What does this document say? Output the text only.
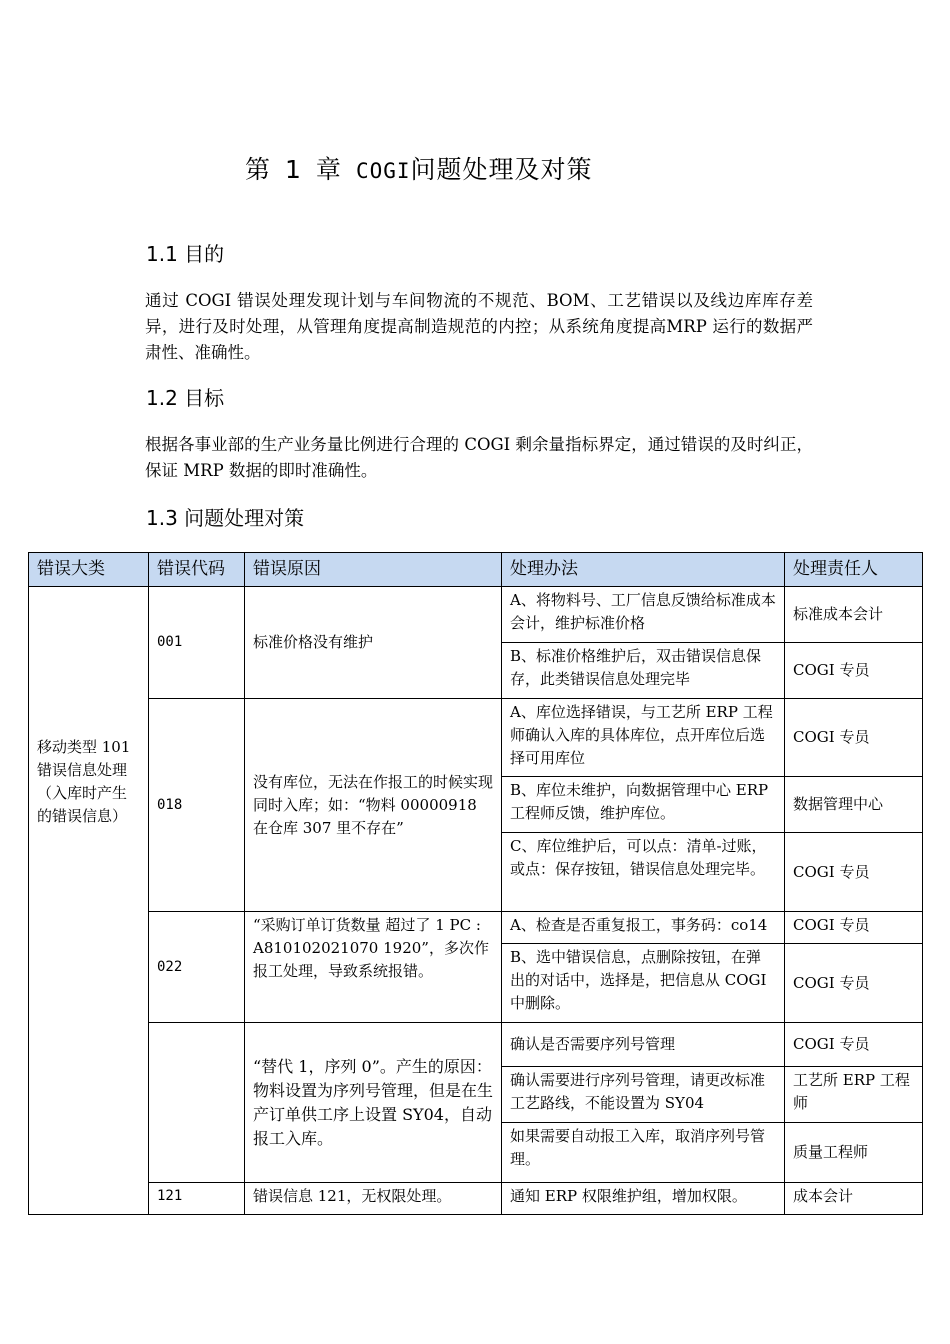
第 1 章 COGI问题处理及对策
1.1 目的

通过 COGI 错误处理发现计划与车间物流的不规范、BOM、工艺错误以及线边库库存差异，进行及时处理，从管理角度提高制造规范的内控；从系统角度提高MRP 运行的数据严肃性、准确性。

1.2 目标

根据各事业部的生产业务量比例进行合理的 COGI 剩余量指标界定，通过错误的及时纠正，保证 MRP 数据的即时准确性。

1.3 问题处理对策
错误大类	错误代码	错误原因	处理办法	处理责任人
移动类型 101 错误信息处理（入库时产生的错误信息）	001	标准价格没有维护	A、将物料号、工厂信息反馈给标准成本会计，维护标准价格	标准成本会计
			B、标准价格维护后，双击错误信息保存，此类错误信息处理完毕	COGI 专员
	018	没有库位，无法在作报工的时候实现同时入库；如：“物料 00000918 在仓库 307 里不存在”	A、库位选择错误，与工艺所 ERP 工程师确认入库的具体库位，点开库位后选择可用库位	COGI 专员
			B、库位未维护，向数据管理中心 ERP 工程师反馈，维护库位。	数据管理中心
			C、库位维护后，可以点：清单-过账，或点：保存按钮，错误信息处理完毕。	COGI 专员
	022	“采购订单订货数量 超过了 1 PC : A810102021070 1920”，多次作报工处理，导致系统报错。	A、检查是否重复报工，事务码：co14	COGI 专员
			B、选中错误信息，点删除按钮，在弹出的对话中，选择是，把信息从 COGI 中删除。	COGI 专员
		“替代 1，序列 0”。产生的原因：物料设置为序列号管理，但是在生产订单供工序上设置 SY04，自动报工入库。	确认是否需要序列号管理	COGI 专员
			确认需要进行序列号管理，请更改标准工艺路线，不能设置为 SY04	工艺所 ERP 工程师
			如果需要自动报工入库，取消序列号管理。	质量工程师
	121	错误信息 121，无权限处理。	通知 ERP 权限维护组，增加权限。	成本会计
